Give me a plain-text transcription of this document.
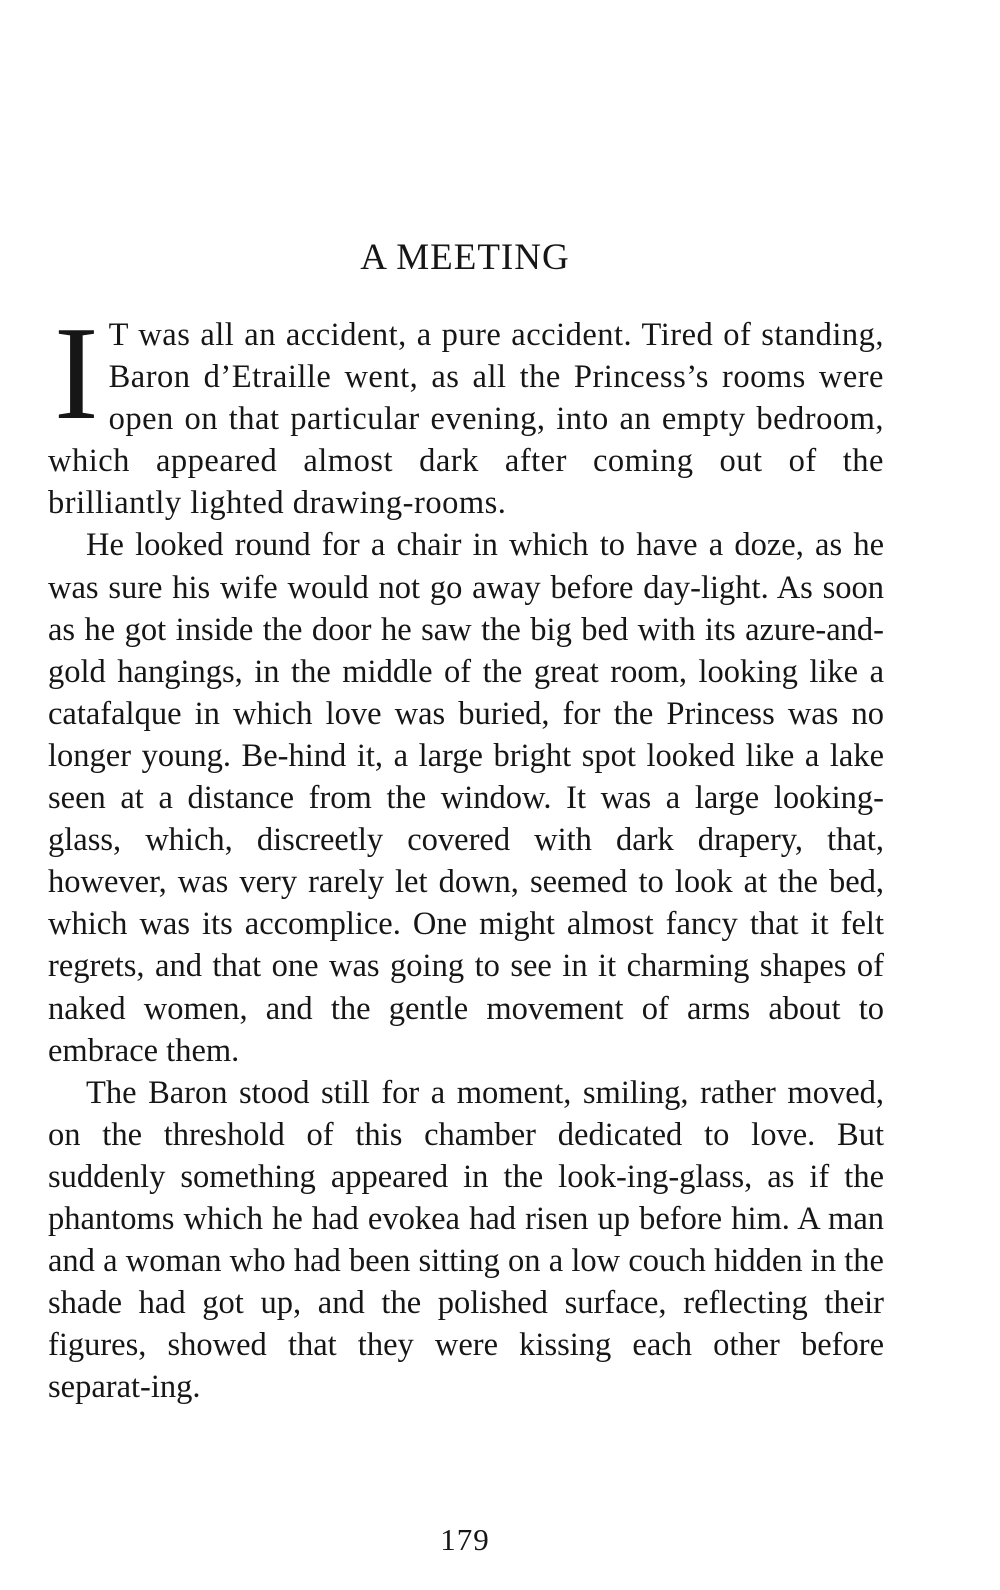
A MEETING

I T was all an accident, a pure accident. Tired of standing, Baron d’Etraille went, as all the Princess’s rooms were open on that particular evening, into an empty bedroom, which appeared almost dark after coming out of the brilliantly lighted drawing-rooms.

He looked round for a chair in which to have a doze, as he was sure his wife would not go away before day-light. As soon as he got inside the door he saw the big bed with its azure-and-gold hangings, in the middle of the great room, looking like a catafalque in which love was buried, for the Princess was no longer young. Be-hind it, a large bright spot looked like a lake seen at a distance from the window. It was a large looking-glass, which, discreetly covered with dark drapery, that, however, was very rarely let down, seemed to look at the bed, which was its accomplice. One might almost fancy that it felt regrets, and that one was going to see in it charming shapes of naked women, and the gentle movement of arms about to embrace them.

The Baron stood still for a moment, smiling, rather moved, on the threshold of this chamber dedicated to love. But suddenly something appeared in the look-ing-glass, as if the phantoms which he had evokea had risen up before him. A man and a woman who had been sitting on a low couch hidden in the shade had got up, and the polished surface, reflecting their figures, showed that they were kissing each other before separat-ing.

179
